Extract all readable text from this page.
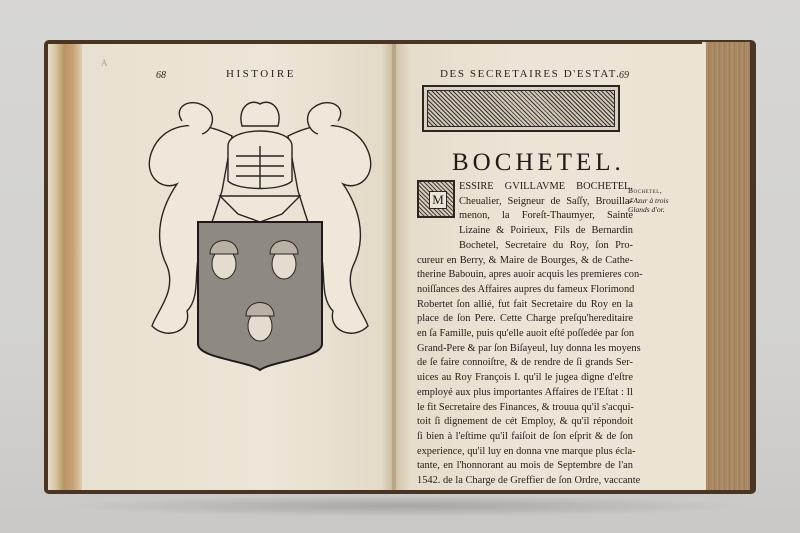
A
68	HISTOIRE	DES SECRETAIRES D'ESTAT.
69
BOCHETEL.
ESSIRE GVILLAVME BOCHETEL,
Cheualier, Seigneur de Saſſy, Brouilla-
menon, la Foreſt-Thaumyer, Sainte
Lizaine & Poirieux, Fils de Bernardin
Bochetel, Secretaire du Roy, ſon Pro-
cureur en Berry, & Maire de Bourges, & de Cathe-
therine Babouin, apres auoir acquis les premieres con-
noiſſances des Affaires aupres du fameux Florimond
Robertet ſon allié, fut fait Secretaire du Roy en la
place de ſon Pere. Cette Charge preſqu'hereditaire
en ſa Famille, puis qu'elle auoit eſté poſſedée par ſon
Grand-Pere & par ſon Biſayeul, luy donna les moyens
de ſe faire connoiſtre, & de rendre de ſi grands Ser-
uices au Roy François I. qu'il le jugea digne d'eſtre
employé aux plus importantes Affaires de l'Eſtat : Il
le fit Secretaire des Finances, & trouua qu'il s'acqui-
toit ſi dignement de cét Employ, & qu'il répondoit
ſi bien à l'eſtime qu'il faiſoit de ſon eſprit & de ſon
experience, qu'il luy en donna vne marque plus écla-
tante, en l'honnorant au mois de Septembre de l'an
1542. de la Charge de Greffier de ſon Ordre, vaccante
M
Bochetel,
d'Azur à trois
Glands d'or.
